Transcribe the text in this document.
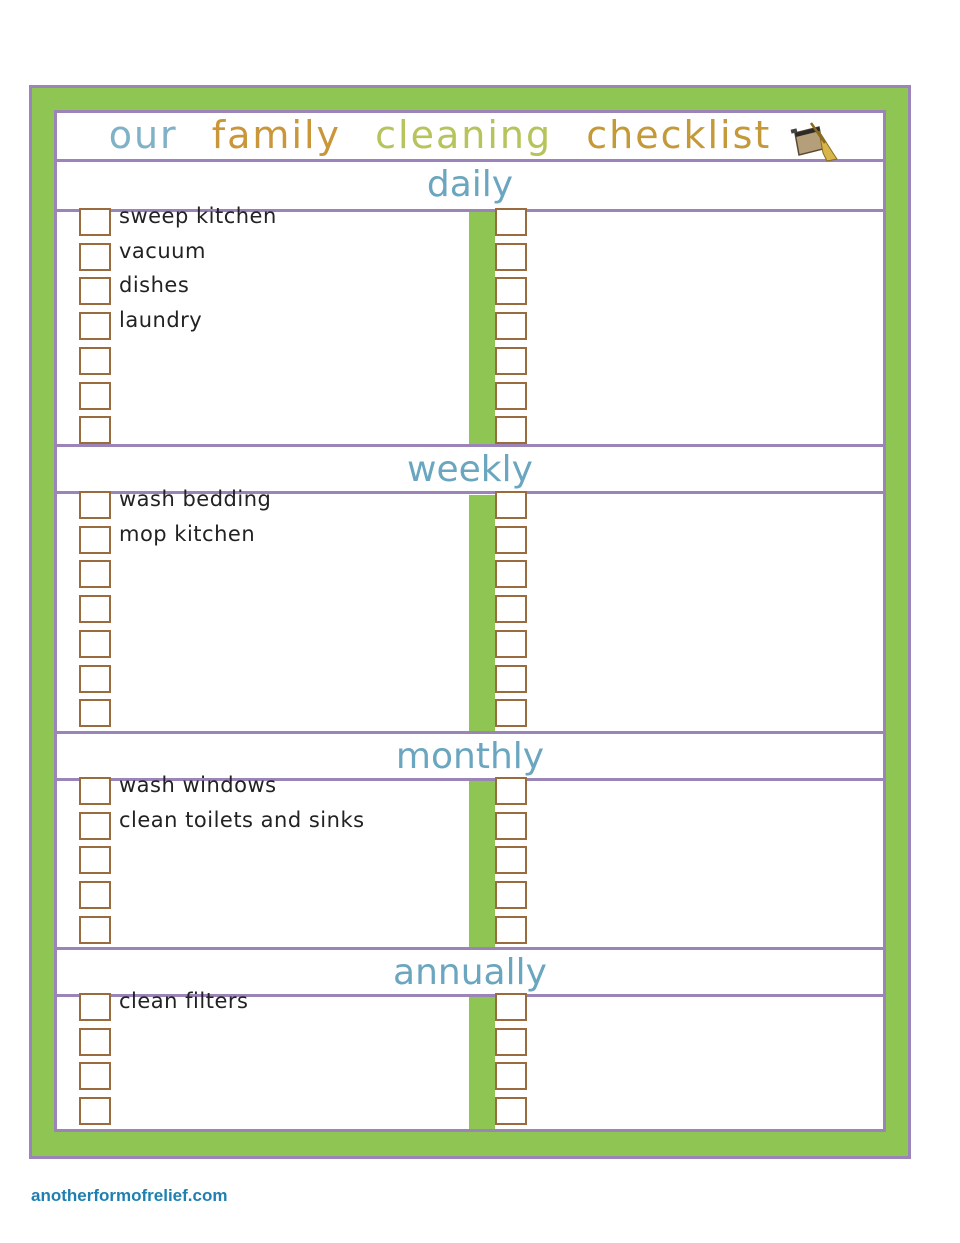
our family cleaning checklist
daily
sweep kitchen
vacuum
dishes
laundry
weekly
wash bedding
mop kitchen
monthly
wash windows
clean toilets and sinks
annually
clean filters
anotherformofrelief.com
